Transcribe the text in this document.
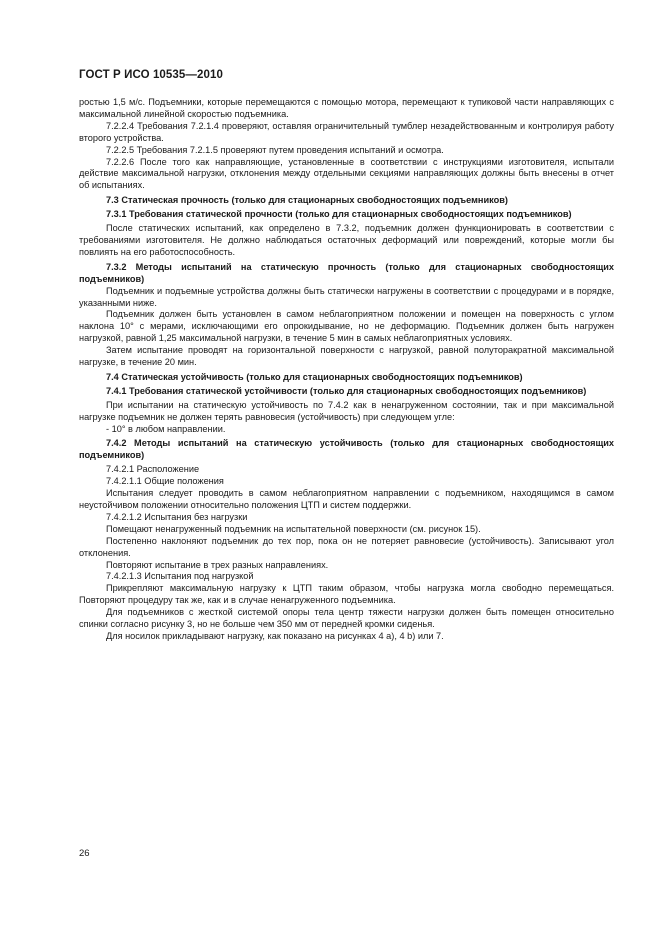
ГОСТ Р ИСО 10535—2010

ростью 1,5 м/с. Подъемники, которые перемещаются с помощью мотора, перемещают к тупиковой части направляющих с максимальной линейной скоростью подъемника.

7.2.2.4 Требования 7.2.1.4 проверяют, оставляя ограничительный тумблер незадействованным и контролируя работу второго устройства.

7.2.2.5 Требования 7.2.1.5 проверяют путем проведения испытаний и осмотра.

7.2.2.6 После того как направляющие, установленные в соответствии с инструкциями изготовителя, испытали действие максимальной нагрузки, отклонения между отдельными секциями направляющих должны быть внесены в отчет об испытаниях.

7.3 Статическая прочность (только для стационарных свободностоящих подъемников)

7.3.1 Требования статической прочности (только для стационарных свободностоящих подъемников)

После статических испытаний, как определено в 7.3.2, подъемник должен функционировать в соответствии с требованиями изготовителя. Не должно наблюдаться остаточных деформаций или повреждений, которые могли бы повлиять на его работоспособность.

7.3.2 Методы испытаний на статическую прочность (только для стационарных свободностоящих подъемников)

Подъемник и подъемные устройства должны быть статически нагружены в соответствии с процедурами и в порядке, указанными ниже.

Подъемник должен быть установлен в самом неблагоприятном положении и помещен на поверхность с углом наклона 10° с мерами, исключающими его опрокидывание, но не деформацию. Подъемник должен быть нагружен нагрузкой, равной 1,25 максимальной нагрузки, в течение 5 мин в самых неблагоприятных условиях.

Затем испытание проводят на горизонтальной поверхности с нагрузкой, равной полуторакратной максимальной нагрузке, в течение 20 мин.

7.4 Статическая устойчивость (только для стационарных свободностоящих подъемников)

7.4.1 Требования статической устойчивости (только для стационарных свободностоящих подъемников)

При испытании на статическую устойчивость по 7.4.2 как в ненагруженном состоянии, так и при максимальной нагрузке подъемник не должен терять равновесия (устойчивость) при следующем угле:

- 10° в любом направлении.

7.4.2 Методы испытаний на статическую устойчивость (только для стационарных свободностоящих подъемников)

7.4.2.1 Расположение

7.4.2.1.1 Общие положения

Испытания следует проводить в самом неблагоприятном направлении с подъемником, находящимся в самом неустойчивом положении относительно положения ЦТП и систем поддержки.

7.4.2.1.2 Испытания без нагрузки

Помещают ненагруженный подъемник на испытательной поверхности (см. рисунок 15).

Постепенно наклоняют подъемник до тех пор, пока он не потеряет равновесие (устойчивость). Записывают угол отклонения.

Повторяют испытание в трех разных направлениях.

7.4.2.1.3 Испытания под нагрузкой

Прикрепляют максимальную нагрузку к ЦТП таким образом, чтобы нагрузка могла свободно перемещаться. Повторяют процедуру так же, как и в случае ненагруженного подъемника.

Для подъемников с жесткой системой опоры тела центр тяжести нагрузки должен быть помещен относительно спинки согласно рисунку 3, но не больше чем 350 мм от передней кромки сиденья.

Для носилок прикладывают нагрузку, как показано на рисунках 4 a), 4 b) или 7.

26
